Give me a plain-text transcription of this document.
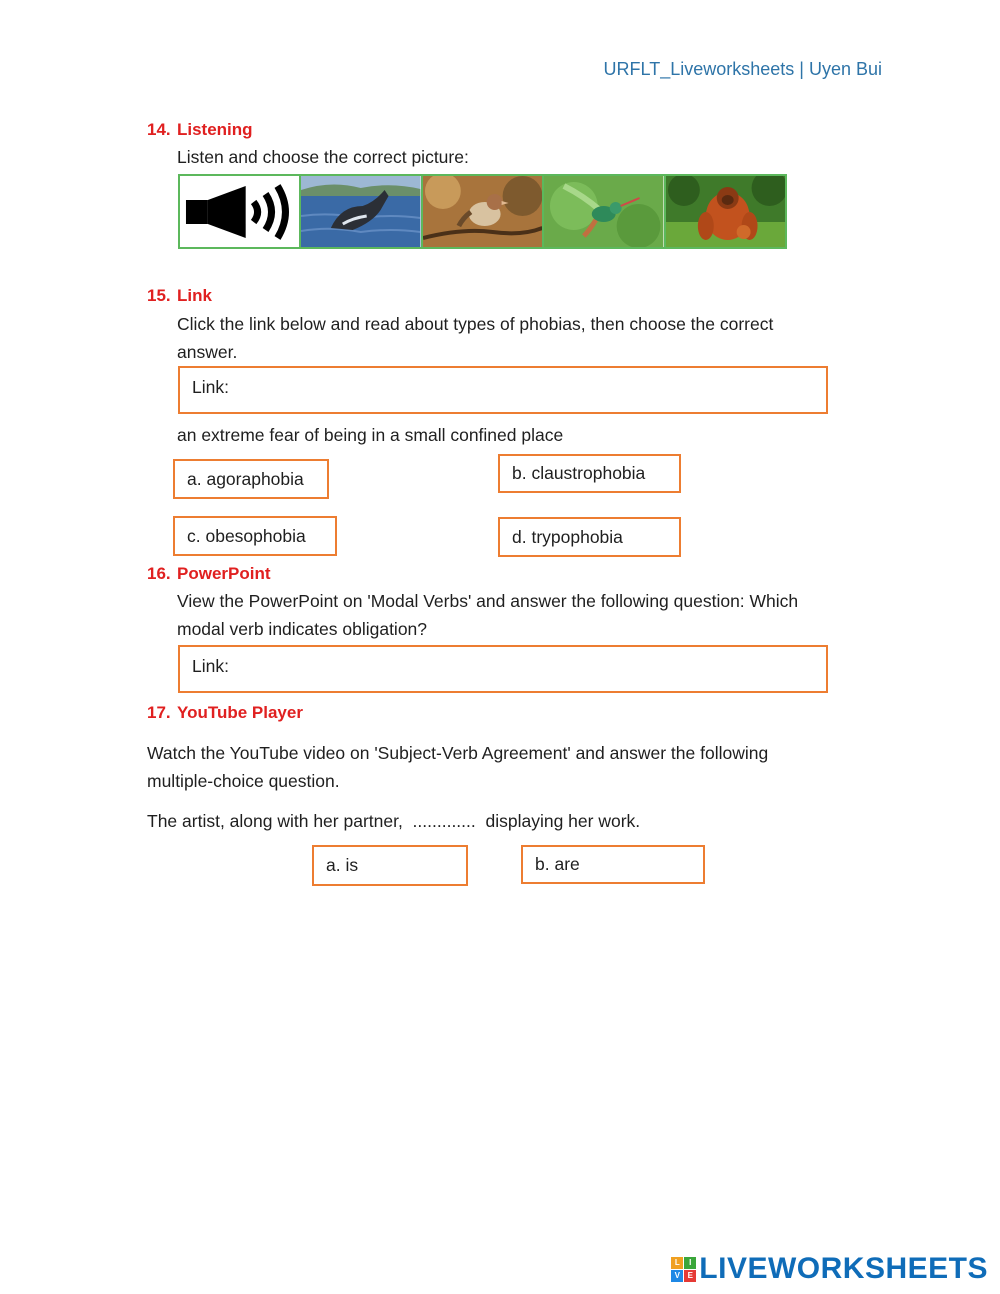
URFLT_Liveworksheets | Uyen Bui
14. Listening
Listen and choose the correct picture:
15. Link
Click the link below and read about types of phobias, then choose the correct
answer.
Link:
an extreme fear of being in a small confined place
a. agoraphobia	b. claustrophobia
c. obesophobia	d. trypophobia
16. PowerPoint
View the PowerPoint on 'Modal Verbs' and answer the following question: Which
modal verb indicates obligation?
Link:
17. YouTube Player
Watch the YouTube video on 'Subject-Verb Agreement' and answer the following
multiple-choice question.
The artist, along with her partner,  .............  displaying her work.
a. is	b. are
L	I
V E LIVEWORKSHEETS
